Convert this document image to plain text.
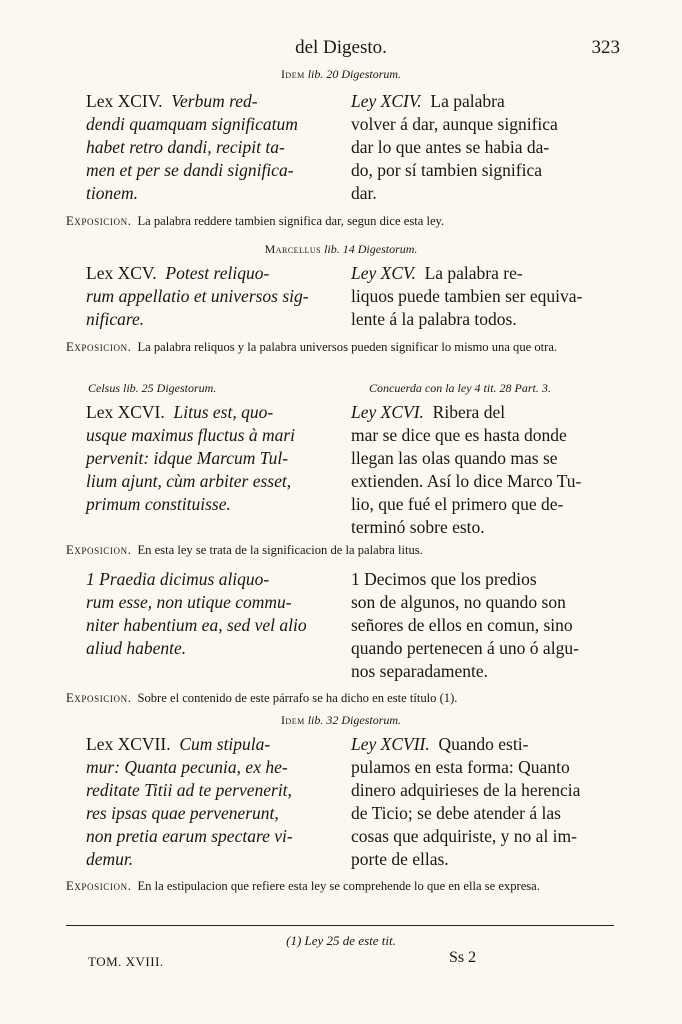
del Digesto.	323
Idem lib. 20 Digestorum.
Lex XCIV. Verbum red-
dendi quamquam significatum
habet retro dandi, recipit ta-
men et per se dandi significa-
tionem.
Ley XCIV. La palabra
volver á dar, aunque significa
dar lo que antes se habia da-
do, por sí tambien significa
dar.
Exposicion. La palabra reddere tambien significa dar, segun dice esta ley.
Marcellus lib. 14 Digestorum.
Lex XCV. Potest reliquo-
rum appellatio et universos sig-
nificare.
Ley XCV. La palabra re-
liquos puede tambien ser equiva-
lente á la palabra todos.
Exposicion. La palabra reliquos y la palabra universos pueden significar lo mismo una que otra.
Celsus lib. 25 Digestorum.	Concuerda con la ley 4 tit. 28 Part. 3.
Lex XCVI. Litus est, quo-
usque maximus fluctus à mari
pervenit: idque Marcum Tul-
lium ajunt, cùm arbiter esset,
primum constituisse.
Ley XCVI. Ribera del
mar se dice que es hasta donde
llegan las olas quando mas se
extienden. Así lo dice Marco Tu-
lio, que fué el primero que de-
terminó sobre esto.
Exposicion. En esta ley se trata de la significacion de la palabra litus.
1 Praedia dicimus aliquo-
rum esse, non utique commu-
niter habentium ea, sed vel alio
aliud habente.
1 Decimos que los predios
son de algunos, no quando son
señores de ellos en comun, sino
quando pertenecen á uno ó algu-
nos separadamente.
Exposicion. Sobre el contenido de este párrafo se ha dicho en este título (1).
Idem lib. 32 Digestorum.
Lex XCVII. Cum stipula-
mur: Quanta pecunia, ex he-
reditate Titii ad te pervenerit,
res ipsas quae pervenerunt,
non pretia earum spectare vi-
demur.
Ley XCVII. Quando esti-
pulamos en esta forma: Quanto
dinero adquirieses de la herencia
de Ticio; se debe atender á las
cosas que adquiriste, y no al im-
porte de ellas.
Exposicion. En la estipulacion que refiere esta ley se comprehende lo que en ella se expresa.
(1) Ley 25 de este tit.
TOM. XVIII.	Ss 2
